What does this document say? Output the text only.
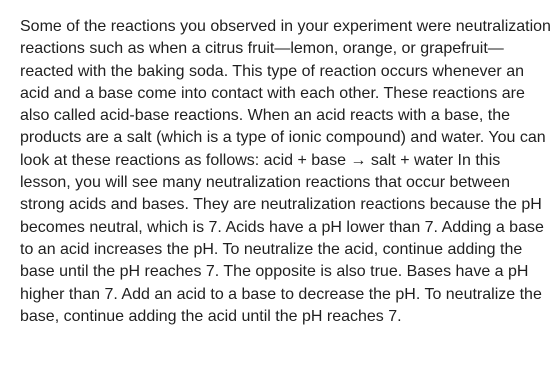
Some of the reactions you observed in your experiment were neutralization reactions such as when a citrus fruit—lemon, orange, or grapefruit—reacted with the baking soda. This type of reaction occurs whenever an acid and a base come into contact with each other. These reactions are also called acid-base reactions. When an acid reacts with a base, the products are a salt (which is a type of ionic compound) and water. You can look at these reactions as follows: acid + base → salt + water In this lesson, you will see many neutralization reactions that occur between strong acids and bases. They are neutralization reactions because the pH becomes neutral, which is 7. Acids have a pH lower than 7. Adding a base to an acid increases the pH. To neutralize the acid, continue adding the base until the pH reaches 7. The opposite is also true. Bases have a pH higher than 7. Add an acid to a base to decrease the pH. To neutralize the base, continue adding the acid until the pH reaches 7.
